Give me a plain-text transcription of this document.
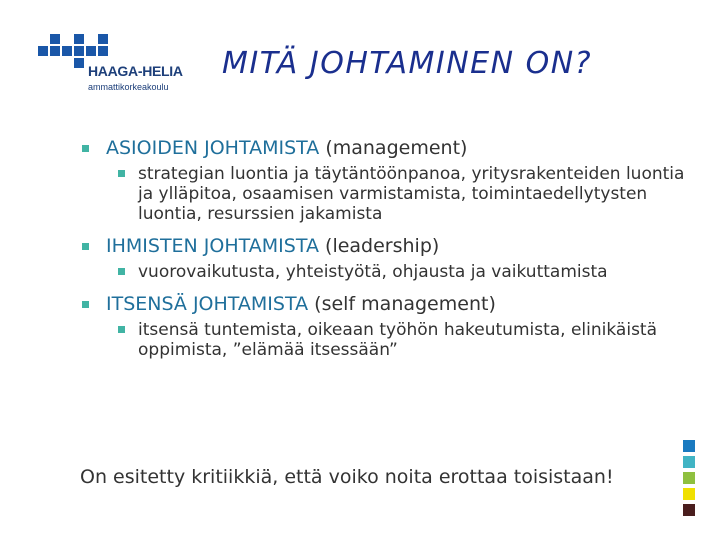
HAAGA-HELIA
ammattikorkeakoulu
MITÄ JOHTAMINEN ON?
ASIOIDEN JOHTAMISTA (management)
strategian luontia ja täytäntöönpanoa, yritysrakenteiden luontia ja ylläpitoa, osaamisen varmistamista, toimintaedellytysten luontia, resurssien jakamista
IHMISTEN JOHTAMISTA (leadership)
vuorovaikutusta, yhteistyötä, ohjausta ja vaikuttamista
ITSENSÄ JOHTAMISTA (self management)
itsensä tuntemista, oikeaan työhön hakeutumista, elinikäistä oppimista, ”elämää itsessään”
On esitetty kritiikkiä, että voiko noita erottaa toisistaan!
